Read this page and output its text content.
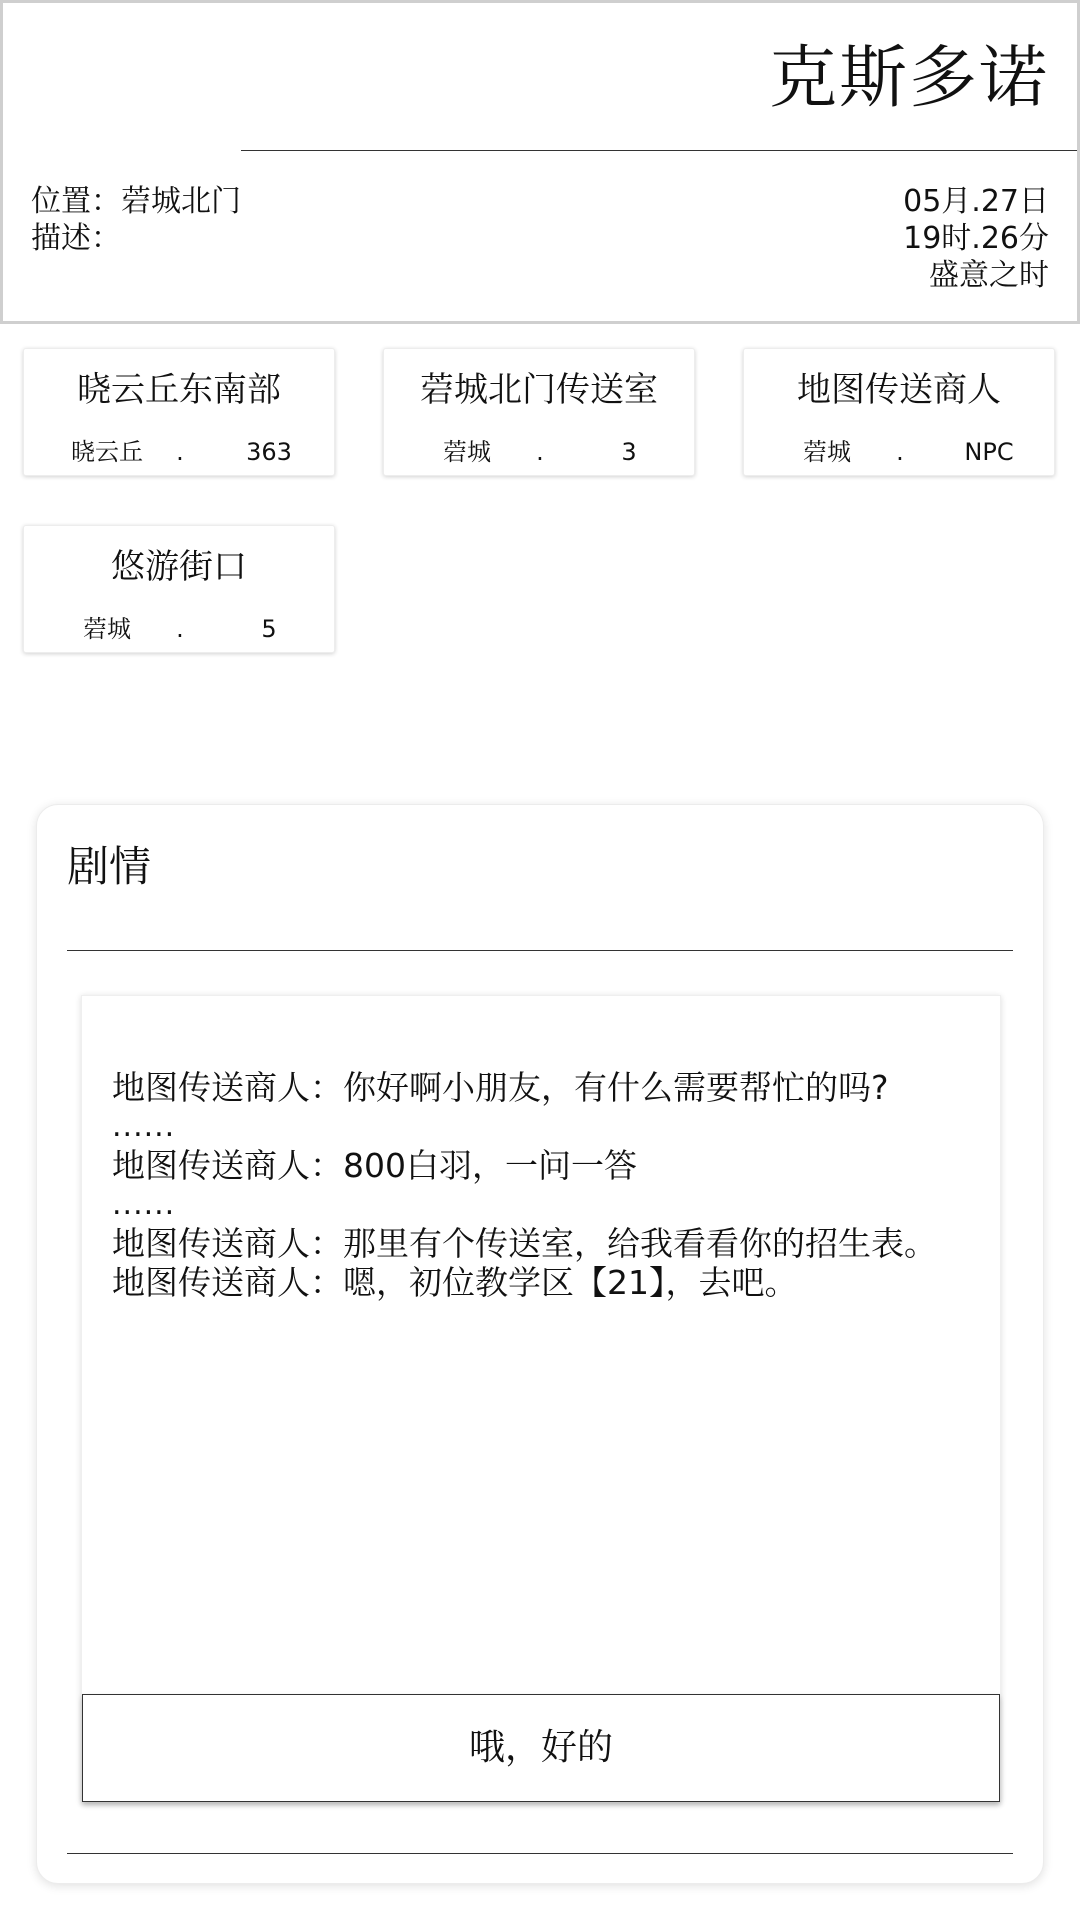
克斯多诺
位置：菪城北门
描述：
05月.27日
19时.26分
盛意之时
晓云丘东南部
晓云丘	.	363
菪城北门传送室
菪城	.	3
地图传送商人
菪城	.	NPC
悠游街口
菪城	.	5
剧情
地图传送商人：你好啊小朋友，有什么需要帮忙的吗?
......
地图传送商人：800白羽，一问一答
......
地图传送商人：那里有个传送室，给我看看你的招生表。
地图传送商人：嗯，初位教学区【21】，去吧。
哦，好的
